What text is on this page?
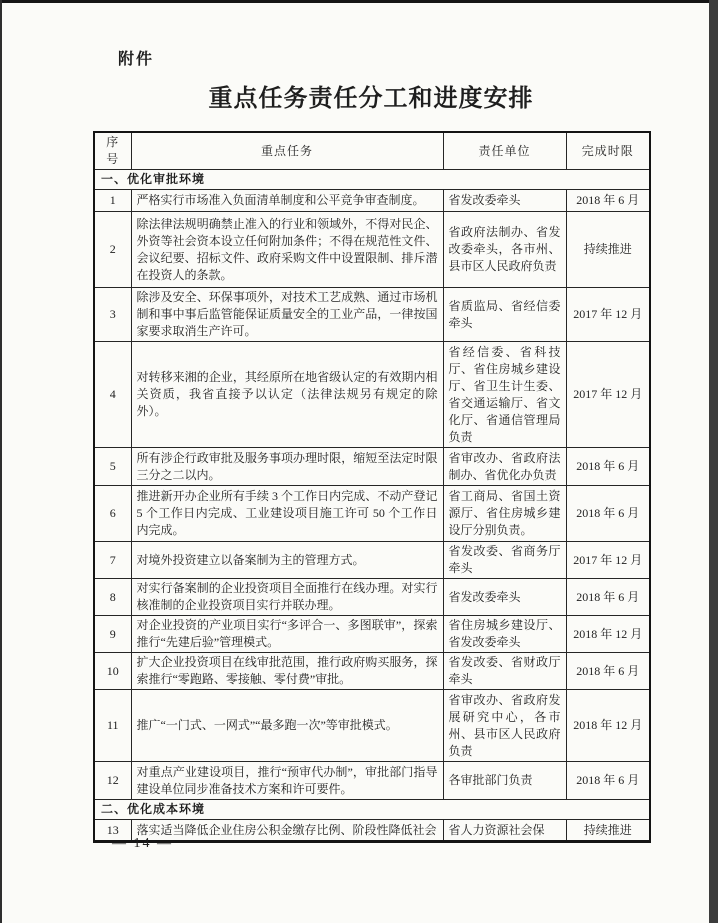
附件
重点任务责任分工和进度安排
序号	重点任务	责任单位	完成时限
一、优化审批环境			
1	严格实行市场准入负面清单制度和公平竞争审查制度。	省发改委牵头	2018 年 6 月
2	除法律法规明确禁止准入的行业和领域外，不得对民企、外资等社会资本设立任何附加条件；不得在规范性文件、会议纪要、招标文件、政府采购文件中设置限制、排斥潜在投资人的条款。	省政府法制办、省发改委牵头，各市州、县市区人民政府负责	持续推进
3	除涉及安全、环保事项外，对技术工艺成熟、通过市场机制和事中事后监管能保证质量安全的工业产品，一律按国家要求取消生产许可。	省质监局、省经信委牵头	2017 年 12 月
4	对转移来湘的企业，其经原所在地省级认定的有效期内相关资质，我省直接予以认定（法律法规另有规定的除外）。	省经信委、省科技厅、省住房城乡建设厅、省卫生计生委、省交通运输厅、省文化厅、省通信管理局负责	2017 年 12 月
5	所有涉企行政审批及服务事项办理时限，缩短至法定时限三分之二以内。	省审改办、省政府法制办、省优化办负责	2018 年 6 月
6	推进新开办企业所有手续 3 个工作日内完成、不动产登记 5 个工作日内完成、工业建设项目施工许可 50 个工作日内完成。	省工商局、省国土资源厅、省住房城乡建设厅分别负责。	2018 年 6 月
7	对境外投资建立以备案制为主的管理方式。	省发改委、省商务厅牵头	2017 年 12 月
8	对实行备案制的企业投资项目全面推行在线办理。对实行核准制的企业投资项目实行并联办理。	省发改委牵头	2018 年 6 月
9	对企业投资的产业项目实行“多评合一、多图联审”，探索推行“先建后验”管理模式。	省住房城乡建设厅、省发改委牵头	2018 年 12 月
10	扩大企业投资项目在线审批范围，推行政府购买服务，探索推行“零跑路、零接触、零付费”审批。	省发改委、省财政厅牵头	2018 年 6 月
11	推广“一门式、一网式”“最多跑一次”等审批模式。	省审改办、省政府发展研究中心，各市州、县市区人民政府负责	2018 年 12 月
12	对重点产业建设项目，推行“预审代办制”，审批部门指导建设单位同步准备技术方案和许可要件。	各审批部门负责	2018 年 6 月
二、优化成本环境			
13	落实适当降低企业住房公积金缴存比例、阶段性降低社会	省人力资源社会保	持续推进
— 14 —
